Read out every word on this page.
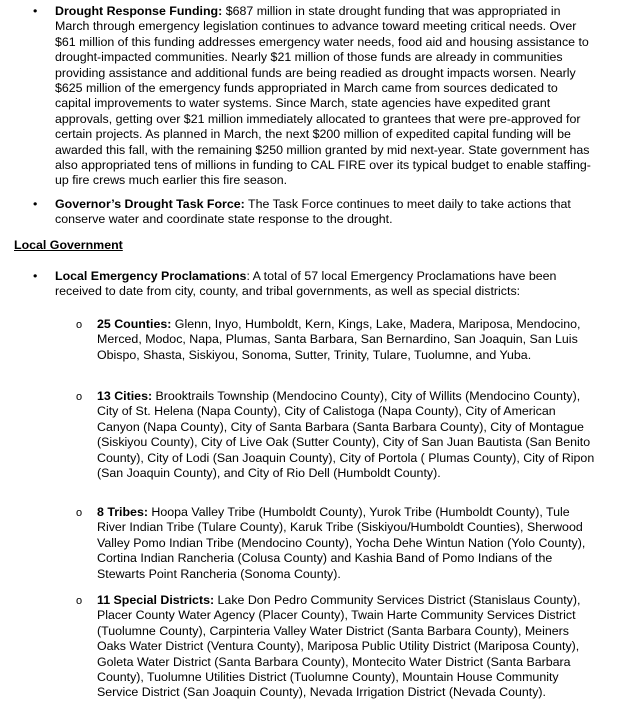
• Drought Response Funding: $687 million in state drought funding that was appropriated in March through emergency legislation continues to advance toward meeting critical needs. Over $61 million of this funding addresses emergency water needs, food aid and housing assistance to drought-impacted communities. Nearly $21 million of those funds are already in communities providing assistance and additional funds are being readied as drought impacts worsen. Nearly $625 million of the emergency funds appropriated in March came from sources dedicated to capital improvements to water systems. Since March, state agencies have expedited grant approvals, getting over $21 million immediately allocated to grantees that were pre-approved for certain projects. As planned in March, the next $200 million of expedited capital funding will be awarded this fall, with the remaining $250 million granted by mid next-year. State government has also appropriated tens of millions in funding to CAL FIRE over its typical budget to enable staffing-up fire crews much earlier this fire season.
• Governor’s Drought Task Force: The Task Force continues to meet daily to take actions that conserve water and coordinate state response to the drought.
Local Government
• Local Emergency Proclamations: A total of 57 local Emergency Proclamations have been received to date from city, county, and tribal governments, as well as special districts:
o 25 Counties: Glenn, Inyo, Humboldt, Kern, Kings, Lake, Madera, Mariposa, Mendocino, Merced, Modoc, Napa, Plumas, Santa Barbara, San Bernardino, San Joaquin, San Luis Obispo, Shasta, Siskiyou, Sonoma, Sutter, Trinity, Tulare, Tuolumne, and Yuba.
o 13 Cities: Brooktrails Township (Mendocino County), City of Willits (Mendocino County), City of St. Helena (Napa County), City of Calistoga (Napa County), City of American Canyon (Napa County), City of Santa Barbara (Santa Barbara County), City of Montague (Siskiyou County), City of Live Oak (Sutter County), City of San Juan Bautista (San Benito County), City of Lodi (San Joaquin County), City of Portola ( Plumas County), City of Ripon (San Joaquin County), and City of Rio Dell (Humboldt County).
o 8 Tribes: Hoopa Valley Tribe (Humboldt County), Yurok Tribe (Humboldt County), Tule River Indian Tribe (Tulare County), Karuk Tribe (Siskiyou/Humboldt Counties), Sherwood Valley Pomo Indian Tribe (Mendocino County), Yocha Dehe Wintun Nation (Yolo County), Cortina Indian Rancheria (Colusa County) and Kashia Band of Pomo Indians of the Stewarts Point Rancheria (Sonoma County).
o 11 Special Districts: Lake Don Pedro Community Services District (Stanislaus County), Placer County Water Agency (Placer County), Twain Harte Community Services District (Tuolumne County), Carpinteria Valley Water District (Santa Barbara County), Meiners Oaks Water District (Ventura County), Mariposa Public Utility District (Mariposa County), Goleta Water District (Santa Barbara County), Montecito Water District (Santa Barbara County), Tuolumne Utilities District (Tuolumne County), Mountain House Community Service District (San Joaquin County), Nevada Irrigation District (Nevada County).
